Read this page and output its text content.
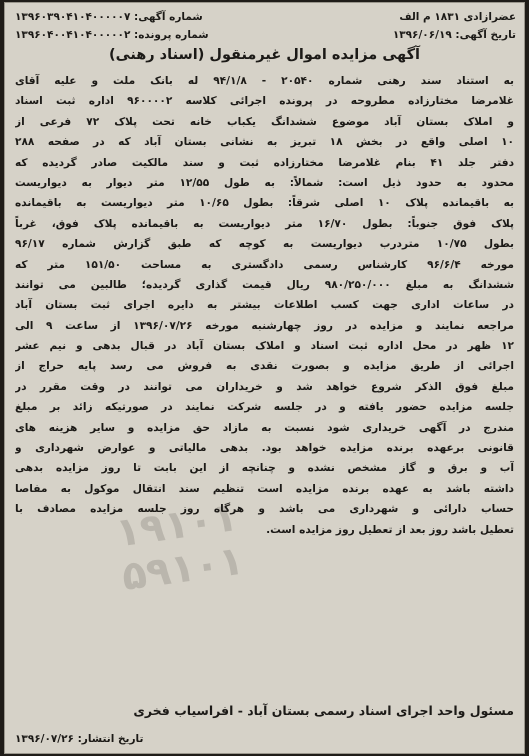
عضرازادی ۱۸۳۱ م الف
شماره آگهی: ۱۳۹۶۰۳۹۰۴۱۰۴۰۰۰۰۰۷
تاریخ آگهی: ۱۳۹۶/۰۶/۱۹
شماره پرونده: ۱۳۹۶۰۴۰۰۴۱۰۴۰۰۰۰۰۲
آگهی مزایده اموال غیرمنقول (اسناد رهنی)
۱۹۱۰۱
۵۹۱۰۱
به استناد سند رهنی شماره ۲۰۵۴۰ - ۹۴/۱/۸ له بانک ملت و علیه آقای
غلامرضا مختارزاده مطروحه در پرونده اجرائی کلاسه ۹۶۰۰۰۰۲ اداره ثبت اسناد
و املاک بستان آباد موضوع ششدانگ یکباب خانه تحت پلاک ۷۲ فرعی از
۱۰ اصلی واقع در بخش ۱۸ تبریز به نشانی بستان آباد که در صفحه ۲۸۸
دفتر جلد ۴۱ بنام غلامرضا مختارزاده ثبت و سند مالکیت صادر گردیده که
محدود به حدود ذیل است: شمالاً: به طول ۱۲/۵۵ متر دیوار به دیواریست
به باقیمانده پلاک ۱۰ اصلی شرقاً: بطول ۱۰/۶۵ متر دیواریست به باقیمانده
پلاک فوق جنوباً: بطول ۱۶/۷۰ متر دیواریست به باقیمانده پلاک فوق، غرباً
بطول ۱۰/۷۵ متردرب دیواریست به کوچه که طبق گزارش شماره ۹۶/۱۷
مورخه ۹۶/۶/۴ کارشناس رسمی دادگستری به مساحت ۱۵۱/۵۰ متر که
ششدانگ به مبلغ ۹۸۰/۲۵۰/۰۰۰ ریال قیمت گذاری گردیده؛ طالبین می توانند
در ساعات اداری جهت کسب اطلاعات بیشتر به دایره اجرای ثبت بستان آباد
مراجعه نمایند و مزایده در روز چهارشنبه مورخه ۱۳۹۶/۰۷/۲۶ از ساعت ۹ الی
۱۲ ظهر در محل اداره ثبت اسناد و املاک بستان آباد در قبال بدهی و نیم عشر
اجرائی از طریق مزایده و بصورت نقدی به فروش می رسد پایه حراج از
مبلغ فوق الذکر شروع خواهد شد و خریداران می توانند در وقت مقرر در
جلسه مزایده حضور یافته و در جلسه شرکت نمایند در صورتیکه زائد بر مبلغ
مندرج در آگهی خریداری شود نسبت به مازاد حق مزایده و سایر هزینه های
قانونی برعهده برنده مزایده خواهد بود. بدهی مالیاتی و عوارض شهرداری و
آب و برق و گاز مشخص نشده و چنانچه از این بابت تا روز مزایده بدهی
داشته باشد به عهده برنده مزایده است تنظیم سند انتقال موکول به مفاصا
حساب دارائی و شهرداری می باشد و هرگاه روز جلسه مزایده مصادف با
تعطیل باشد روز بعد از تعطیل روز مزایده است.
مسئول واحد اجرای اسناد رسمی بستان آباد - افراسیاب فخری
تاریخ انتشار: ۱۳۹۶/۰۷/۲۶
